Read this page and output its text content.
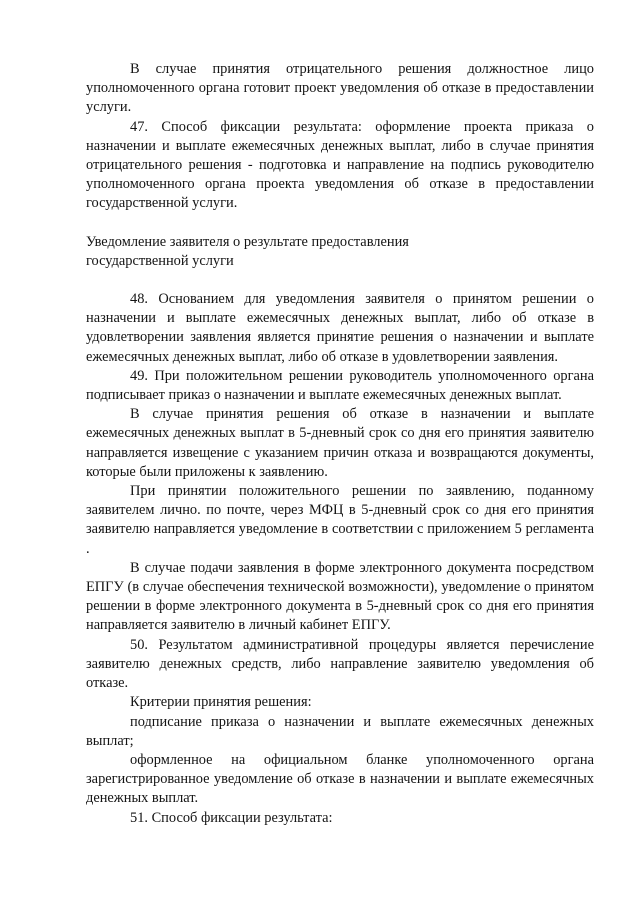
В случае принятия отрицательного решения должностное лицо уполномоченного органа готовит проект уведомления об отказе в предоставлении услуги.

47. Способ фиксации результата: оформление проекта приказа о назначении и выплате ежемесячных денежных выплат, либо в случае принятия отрицательного решения - подготовка и направление на подпись руководителю уполномоченного органа проекта уведомления об отказе в предоставлении государственной услуги.

Уведомление заявителя о результате предоставления
государственной услуги

48. Основанием для уведомления заявителя о принятом решении о назначении и выплате ежемесячных денежных выплат, либо об отказе в удовлетворении заявления является принятие решения о назначении и выплате ежемесячных денежных выплат, либо об отказе в удовлетворении заявления.

49. При положительном решении руководитель уполномоченного органа подписывает приказ о назначении и выплате ежемесячных денежных выплат.

В случае принятия решения об отказе в назначении и выплате ежемесячных денежных выплат в 5-дневный срок со дня его принятия заявителю направляется извещение с указанием причин отказа и возвращаются документы, которые были приложены к заявлению.

При принятии положительного решении по заявлению, поданному заявителем лично. по почте, через МФЦ в 5-дневный срок со дня его принятия заявителю направляется уведомление в соответствии с приложением 5 регламента .

В случае подачи заявления в форме электронного документа посредством ЕПГУ (в случае обеспечения технической возможности), уведомление о принятом решении в форме электронного документа в 5-дневный срок со дня его принятия направляется заявителю в личный кабинет ЕПГУ.

50. Результатом административной процедуры является перечисление заявителю денежных средств, либо направление заявителю уведомления об отказе.

Критерии принятия решения:

подписание приказа о назначении и выплате ежемесячных денежных выплат;

оформленное на официальном бланке уполномоченного органа зарегистрированное уведомление об отказе в назначении и выплате ежемесячных денежных выплат.

51. Способ фиксации результата:
